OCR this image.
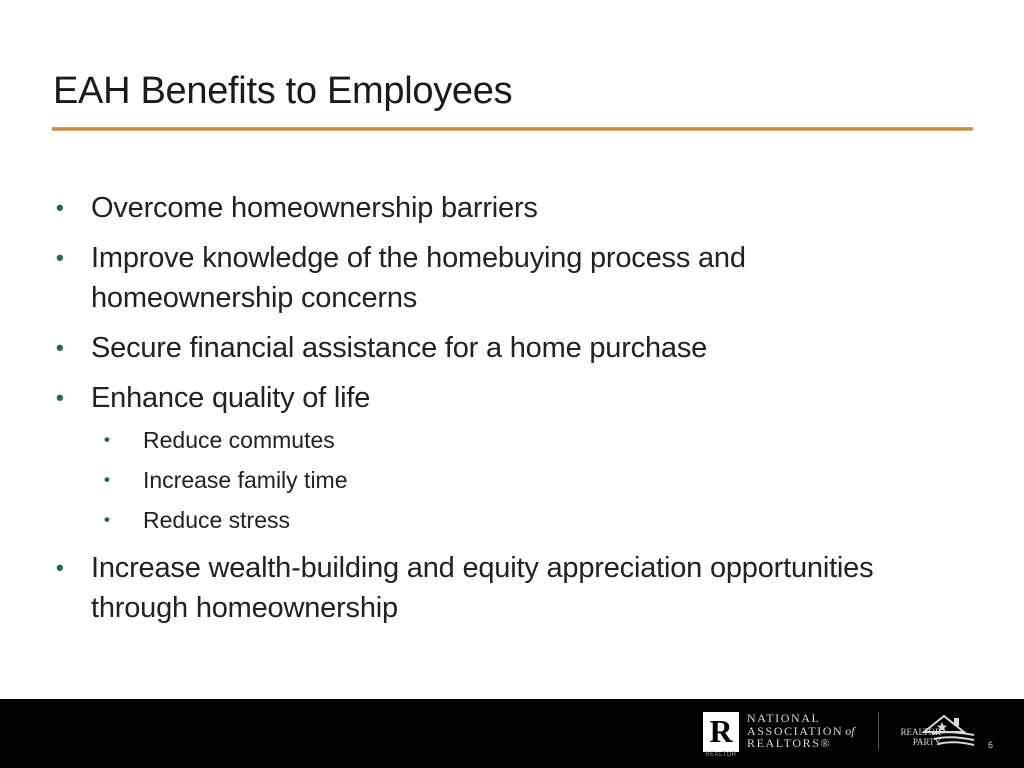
EAH Benefits to Employees
• Overcome homeownership barriers
• Improve knowledge of the homebuying process and homeownership concerns
• Secure financial assistance for a home purchase
• Enhance quality of life
• Reduce commutes
• Increase family time
• Reduce stress
• Increase wealth-building and equity appreciation opportunities through homeownership
R
REALTOR
NATIONAL
ASSOCIATION of
REALTORS®
REALTOR
PARTY	6
